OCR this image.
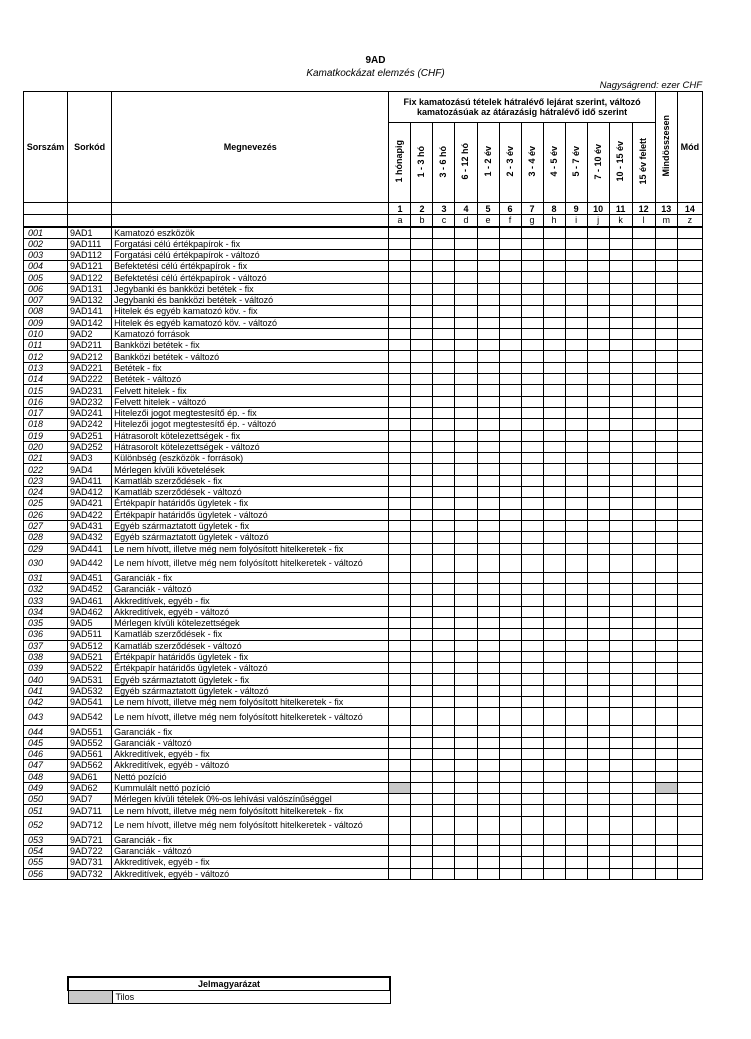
9AD
Kamatkockázat elemzés (CHF)
Nagyságrend: ezer CHF
Sorszám	Sorkód	Megnevezés	Fix kamatozású tételek hátralévő lejárat szerint, változó kamatozásúak az átárazásig hátralévő idő szerint												Mindösszesen	Mód
			1 hónapig	1 - 3 hó	3 - 6 hó	6 - 12 hó	1 - 2 év	2 - 3 év	3 - 4 év	4 - 5 év	5 - 7 év	7 - 10 év	10 - 15 év	15 év felett		
			1	2	3	4	5	6	7	8	9	10	11	12	13	14
			a	b	c	d	e	f	g	h	i	j	k	l	m	z
001	9AD1	Kamatozó eszközök														
002	9AD111	Forgatási célú értékpapírok - fix														
003	9AD112	Forgatási célú értékpapírok - változó														
004	9AD121	Befektetési célú értékpapírok - fix														
005	9AD122	Befektetési célú értékpapírok - változó														
006	9AD131	Jegybanki és bankközi betétek - fix														
007	9AD132	Jegybanki és bankközi betétek - változó														
008	9AD141	Hitelek és egyéb kamatozó köv. - fix														
009	9AD142	Hitelek és egyéb kamatozó köv. - változó														
010	9AD2	Kamatozó források														
011	9AD211	Bankközi betétek - fix														
012	9AD212	Bankközi betétek - változó														
013	9AD221	Betétek - fix														
014	9AD222	Betétek - változó														
015	9AD231	Felvett hitelek - fix														
016	9AD232	Felvett hitelek - változó														
017	9AD241	Hitelezői jogot megtestesítő ép. - fix														
018	9AD242	Hitelezői jogot megtestesítő ép. - változó														
019	9AD251	Hátrasorolt kötelezettségek - fix														
020	9AD252	Hátrasorolt kötelezettségek - változó														
021	9AD3	Különbség (eszközök - források)														
022	9AD4	Mérlegen kívüli követelések														
023	9AD411	Kamatláb szerződések - fix														
024	9AD412	Kamatláb szerződések - változó														
025	9AD421	Értékpapír határidős ügyletek - fix														
026	9AD422	Értékpapír határidős ügyletek - változó														
027	9AD431	Egyéb származtatott ügyletek - fix														
028	9AD432	Egyéb származtatott ügyletek - változó														
029	9AD441	Le nem hívott, illetve még nem folyósított hitelkeretek - fix														
030	9AD442	Le nem hívott, illetve még nem folyósított hitelkeretek - változó														
031	9AD451	Garanciák - fix														
032	9AD452	Garanciák - változó														
033	9AD461	Akkreditívek, egyéb - fix														
034	9AD462	Akkreditívek, egyéb - változó														
035	9AD5	Mérlegen kívüli kötelezettségek														
036	9AD511	Kamatláb szerződések - fix														
037	9AD512	Kamatláb szerződések - változó														
038	9AD521	Értékpapír határidős ügyletek - fix														
039	9AD522	Értékpapír határidős ügyletek - változó														
040	9AD531	Egyéb származtatott ügyletek - fix														
041	9AD532	Egyéb származtatott ügyletek - változó														
042	9AD541	Le nem hívott, illetve még nem folyósított hitelkeretek - fix														
043	9AD542	Le nem hívott, illetve még nem folyósított hitelkeretek - változó														
044	9AD551	Garanciák - fix														
045	9AD552	Garanciák - változó														
046	9AD561	Akkreditívek, egyéb - fix														
047	9AD562	Akkreditívek, egyéb - változó														
048	9AD61	Nettó pozíció														
049	9AD62	Kummulált nettó pozíció														
050	9AD7	Mérlegen kívüli tételek 0%-os lehívási valószínűséggel														
051	9AD711	Le nem hívott, illetve még nem folyósított hitelkeretek - fix														
052	9AD712	Le nem hívott, illetve még nem folyósított hitelkeretek - változó														
053	9AD721	Garanciák - fix														
054	9AD722	Garanciák - változó														
055	9AD731	Akkreditívek, egyéb - fix														
056	9AD732	Akkreditívek, egyéb - változó														
Jelmagyarázat
	Tilos
